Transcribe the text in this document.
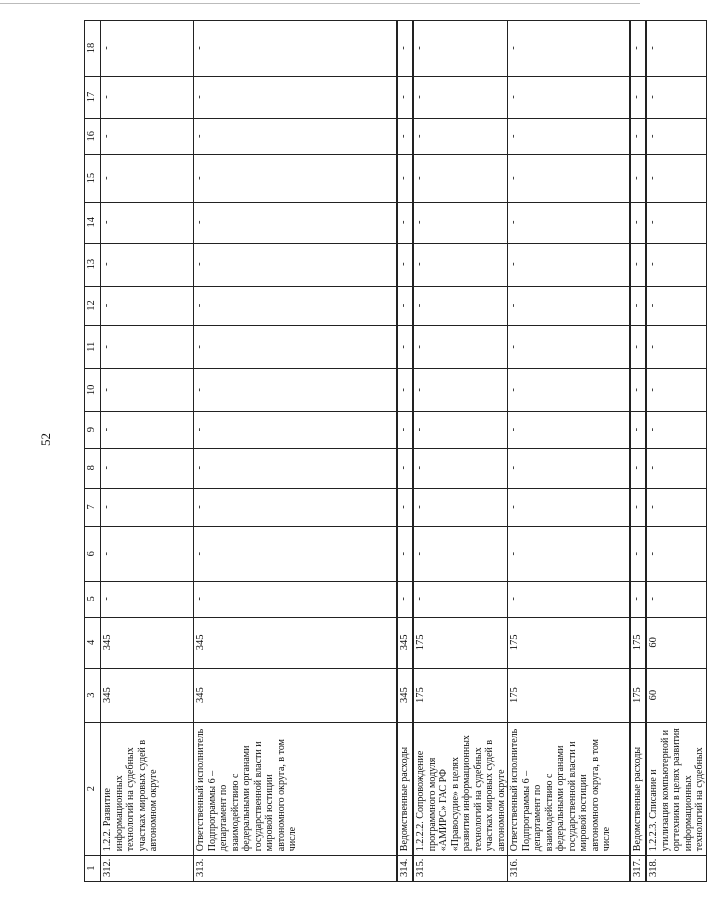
52
1	2	3	4	5	6	7	8	9	10	11	12	13	14	15	16	17	18
312.	1.2.2. Развитие информационных технологий на судебных участках мировых судей в автономном округе	345	345	-	-	-	-	-	-	-	-	-	-	-	-	-	-
313.	Ответственный исполнитель Подпрограммы 6 – департамент по взаимодействию с федеральными органами государственной власти и мировой юстиции автономного округа, в том числе	345	345	-	-	-	-	-	-	-	-	-	-	-	-	-	-
314.	Ведомственные расходы	345	345	-	-	-	-	-	-	-	-	-	-	-	-	-	-
315.	1.2.2.2. Сопровождение программного модуля «АМИРС» ГАС РФ «Правосудие» в целях развития информационных технологий на судебных участках мировых судей в автономном округе	175	175	-	-	-	-	-	-	-	-	-	-	-	-	-	-
316.	Ответственный исполнитель Подпрограммы 6 – департамент по взаимодействию с федеральными органами государственной власти и мировой юстиции автономного округа, в том числе	175	175	-	-	-	-	-	-	-	-	-	-	-	-	-	-
317.	Ведомственные расходы	175	175	-	-	-	-	-	-	-	-	-	-	-	-	-	-
318.	1.2.2.3. Списание и утилизация компьютерной и оргтехники в целях развития информационных технологий на судебных	60	60	-	-	-	-	-	-	-	-	-	-	-	-	-	-
